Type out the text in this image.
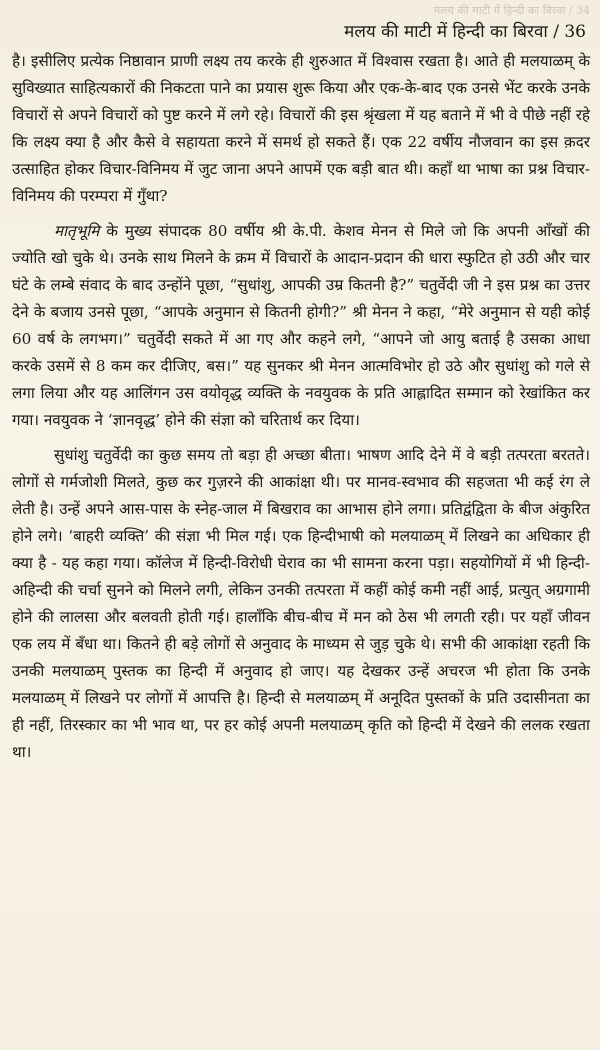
मलय की माटी में हिन्दी का बिरवा / 34
मलय की माटी में हिन्दी का बिरवा / 36

है। इसीलिए प्रत्येक निष्ठावान प्राणी लक्ष्य तय करके ही शुरुआत में विश्वास रखता है। आते ही मलयाळम् के सुविख्यात साहित्यकारों की निकटता पाने का प्रयास शुरू किया और एक-के-बाद एक उनसे भेंट करके उनके विचारों से अपने विचारों को पुष्ट करने में लगे रहे। विचारों की इस श्रृंखला में यह बताने में भी वे पीछे नहीं रहे कि लक्ष्य क्या है और कैसे वे सहायता करने में समर्थ हो सकते हैं। एक 22 वर्षीय नौजवान का इस क़दर उत्साहित होकर विचार-विनिमय में जुट जाना अपने आपमें एक बड़ी बात थी। कहाँ था भाषा का प्रश्न विचार-विनिमय की परम्परा में गुँथा?

मातृभूमि के मुख्य संपादक 80 वर्षीय श्री के.पी. केशव मेनन से मिले जो कि अपनी आँखों की ज्योति खो चुके थे। उनके साथ मिलने के क्रम में विचारों के आदान-प्रदान की धारा स्फुटित हो उठी और चार घंटे के लम्बे संवाद के बाद उन्होंने पूछा, “सुधांशु, आपकी उम्र कितनी है?” चतुर्वेदी जी ने इस प्रश्न का उत्तर देने के बजाय उनसे पूछा, “आपके अनुमान से कितनी होगी?” श्री मेनन ने कहा, “मेरे अनुमान से यही कोई 60 वर्ष के लगभग।” चतुर्वेदी सकते में आ गए और कहने लगे, “आपने जो आयु बताई है उसका आधा करके उसमें से 8 कम कर दीजिए, बस।” यह सुनकर श्री मेनन आत्मविभोर हो उठे और सुधांशु को गले से लगा लिया और यह आलिंगन उस वयोवृद्ध व्यक्ति के नवयुवक के प्रति आह्लादित सम्मान को रेखांकित कर गया। नवयुवक ने ‘ज्ञानवृद्ध’ होने की संज्ञा को चरितार्थ कर दिया।

सुधांशु चतुर्वेदी का कुछ समय तो बड़ा ही अच्छा बीता। भाषण आदि देने में वे बड़ी तत्परता बरतते। लोगों से गर्मजोशी मिलते, कुछ कर गुज़रने की आकांक्षा थी। पर मानव-स्वभाव की सहजता भी कई रंग ले लेती है। उन्हें अपने आस-पास के स्नेह-जाल में बिखराव का आभास होने लगा। प्रतिद्वंद्विता के बीज अंकुरित होने लगे। ‘बाहरी व्यक्ति’ की संज्ञा भी मिल गई। एक हिन्दीभाषी को मलयाळम् में लिखने का अधिकार ही क्या है - यह कहा गया। कॉलेज में हिन्दी-विरोधी घेराव का भी सामना करना पड़ा। सहयोगियों में भी हिन्दी-अहिन्दी की चर्चा सुनने को मिलने लगी, लेकिन उनकी तत्परता में कहीं कोई कमी नहीं आई, प्रत्युत् अग्रगामी होने की लालसा और बलवती होती गई। हालाँकि बीच-बीच में मन को ठेस भी लगती रही। पर यहाँ जीवन एक लय में बँधा था। कितने ही बड़े लोगों से अनुवाद के माध्यम से जुड़ चुके थे। सभी की आकांक्षा रहती कि उनकी मलयाळम् पुस्तक का हिन्दी में अनुवाद हो जाए। यह देखकर उन्हें अचरज भी होता कि उनके मलयाळम् में लिखने पर लोगों में आपत्ति है। हिन्दी से मलयाळम् में अनूदित पुस्तकों के प्रति उदासीनता का ही नहीं, तिरस्कार का भी भाव था, पर हर कोई अपनी मलयाळम् कृति को हिन्दी में देखने की ललक रखता था।
